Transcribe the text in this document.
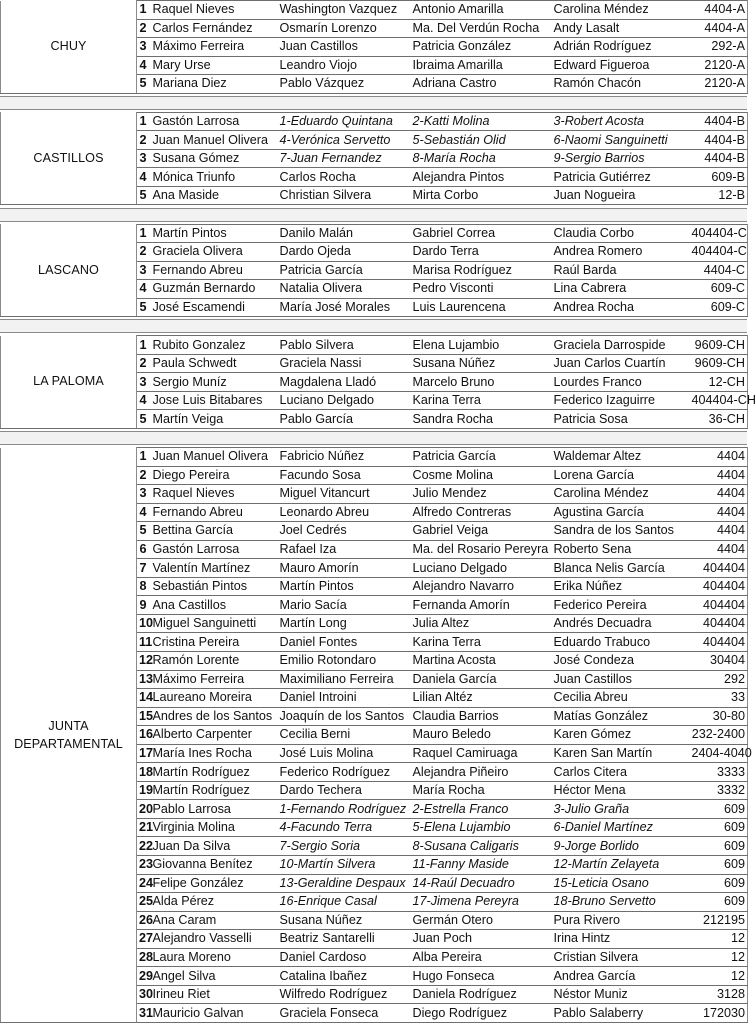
CHUY	1	Raquel Nieves	Washington Vazquez	Antonio Amarilla	Carolina Méndez	4404-A
	2	Carlos Fernández	Osmarín Lorenzo	Ma. Del Verdún Rocha	Andy Lasalt	4404-A
	3	Máximo Ferreira	Juan Castillos	Patricia González	Adrián Rodríguez	292-A
	4	Mary Urse	Leandro Viojo	Ibraima Amarilla	Edward Figueroa	2120-A
	5	Mariana Diez	Pablo Vázquez	Adriana Castro	Ramón Chacón	2120-A
CASTILLOS	1	Gastón Larrosa	1-Eduardo Quintana	2-Katti Molina	3-Robert Acosta	4404-B
	2	Juan Manuel Olivera	4-Verónica Servetto	5-Sebastián Olid	6-Naomi Sanguinetti	4404-B
	3	Susana Gómez	7-Juan Fernandez	8-María Rocha	9-Sergio Barrios	4404-B
	4	Mónica Triunfo	Carlos Rocha	Alejandra Pintos	Patricia Gutiérrez	609-B
	5	Ana Maside	Christian Silvera	Mirta Corbo	Juan Nogueira	12-B
LASCANO	1	Martín Pintos	Danilo Malán	Gabriel Correa	Claudia Corbo	404404-C
	2	Graciela Olivera	Dardo Ojeda	Dardo Terra	Andrea Romero	404404-C
	3	Fernando Abreu	Patricia García	Marisa Rodríguez	Raúl Barda	4404-C
	4	Guzmán Bernardo	Natalia Olivera	Pedro Visconti	Lina Cabrera	609-C
	5	José Escamendi	María José Morales	Luis Laurencena	Andrea Rocha	609-C
LA PALOMA	1	Rubito Gonzalez	Pablo Silvera	Elena Lujambio	Graciela Darrospide	9609-CH
	2	Paula Schwedt	Graciela Nassi	Susana Núñez	Juan Carlos Cuartín	9609-CH
	3	Sergio Muníz	Magdalena Lladó	Marcelo Bruno	Lourdes Franco	12-CH
	4	Jose Luis Bitabares	Luciano Delgado	Karina Terra	Federico Izaguirre	404404-CH
	5	Martín Veiga	Pablo García	Sandra Rocha	Patricia Sosa	36-CH
JUNTA DEPARTAMENTAL	1	Juan Manuel Olivera	Fabricio Núñez	Patricia García	Waldemar Altez	4404
	2	Diego Pereira	Facundo Sosa	Cosme Molina	Lorena García	4404
	3	Raquel Nieves	Miguel Vitancurt	Julio Mendez	Carolina Méndez	4404
	4	Fernando Abreu	Leonardo Abreu	Alfredo Contreras	Agustina García	4404
	5	Bettina García	Joel Cedrés	Gabriel Veiga	Sandra de los Santos	4404
	6	Gastón Larrosa	Rafael Iza	Ma. del Rosario Pereyra	Roberto Sena	4404
	7	Valentín Martínez	Mauro Amorín	Luciano Delgado	Blanca Nelis García	404404
	8	Sebastián Pintos	Martín Pintos	Alejandro Navarro	Erika Núñez	404404
	9	Ana Castillos	Mario Sacía	Fernanda Amorín	Federico Pereira	404404
	10	Miguel Sanguinetti	Martín Long	Julia Altez	Andrés Decuadra	404404
	11	Cristina Pereira	Daniel Fontes	Karina Terra	Eduardo Trabuco	404404
	12	Ramón Lorente	Emilio Rotondaro	Martina Acosta	José Condeza	30404
	13	Máximo Ferreira	Maximiliano Ferreira	Daniela García	Juan Castillos	292
	14	Laureano Moreira	Daniel Introini	Lilian Altéz	Cecilia Abreu	33
	15	Andres de los Santos	Joaquín de los Santos	Claudia Barrios	Matías González	30-80
	16	Alberto Carpenter	Cecilia Berni	Mauro Beledo	Karen Gómez	232-2400
	17	María Ines Rocha	José Luis Molina	Raquel Camiruaga	Karen San Martín	2404-4040
	18	Martín Rodríguez	Federico Rodríguez	Alejandra Piñeiro	Carlos Citera	3333
	19	Martín Rodríguez	Dardo Techera	María Rocha	Héctor Mena	3332
	20	Pablo Larrosa	1-Fernando Rodríguez	2-Estrella Franco	3-Julio Graña	609
	21	Virginia Molina	4-Facundo Terra	5-Elena Lujambio	6-Daniel Martínez	609
	22	Juan Da Silva	7-Sergio Soria	8-Susana Caligaris	9-Jorge Borlido	609
	23	Giovanna Benítez	10-Martín Silvera	11-Fanny Maside	12-Martín Zelayeta	609
	24	Felipe González	13-Geraldine Despaux	14-Raúl Decuadro	15-Leticia Osano	609
	25	Alda Pérez	16-Enrique Casal	17-Jimena Pereyra	18-Bruno Servetto	609
	26	Ana Caram	Susana Núñez	Germán Otero	Pura Rivero	212195
	27	Alejandro Vasselli	Beatriz Santarelli	Juan Poch	Irina Hintz	12
	28	Laura Moreno	Daniel Cardoso	Alba Pereira	Cristian Silvera	12
	29	Angel Silva	Catalina Ibañez	Hugo Fonseca	Andrea García	12
	30	Irineu Riet	Wilfredo Rodríguez	Daniela Rodríguez	Néstor Muniz	3128
	31	Mauricio Galvan	Graciela Fonseca	Diego Rodríguez	Pablo Salaberry	172030
